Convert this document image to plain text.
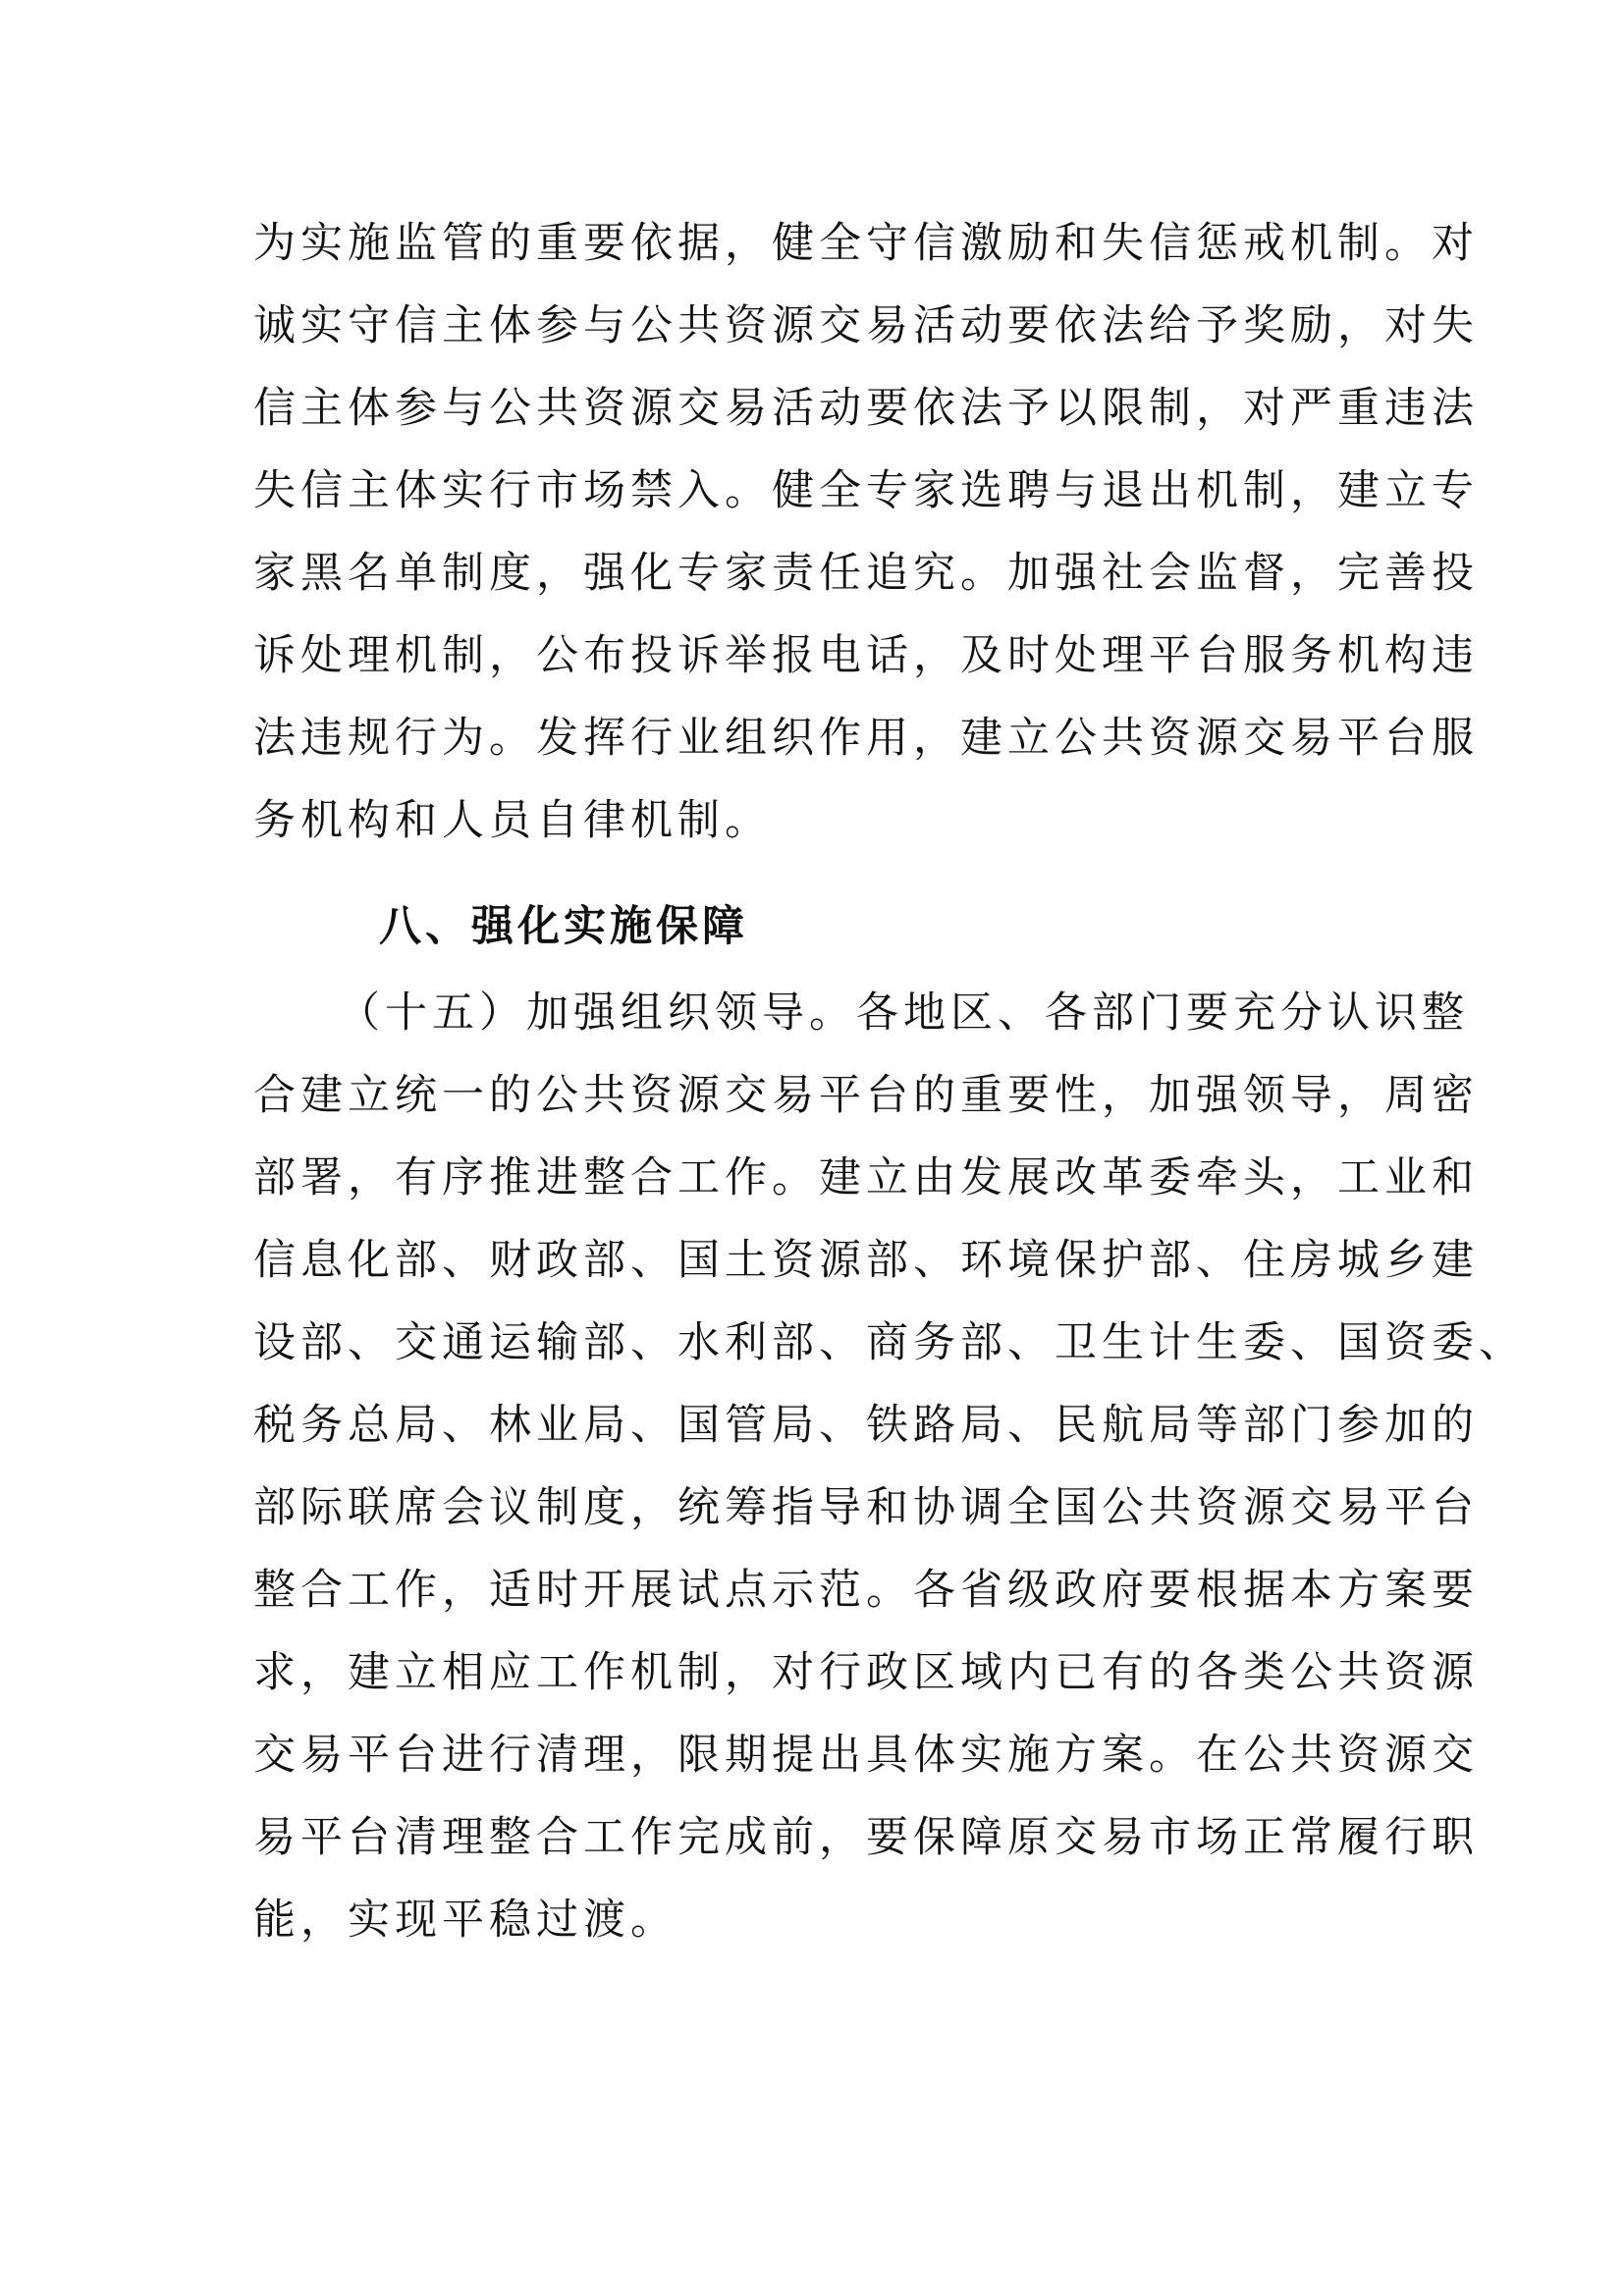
为实施监管的重要依据，健全守信激励和失信惩戒机制。对
诚实守信主体参与公共资源交易活动要依法给予奖励，对失
信主体参与公共资源交易活动要依法予以限制，对严重违法
失信主体实行市场禁入。健全专家选聘与退出机制，建立专
家黑名单制度，强化专家责任追究。加强社会监督，完善投
诉处理机制，公布投诉举报电话，及时处理平台服务机构违
法违规行为。发挥行业组织作用，建立公共资源交易平台服
务机构和人员自律机制。
八、强化实施保障
（十五）加强组织领导。各地区、各部门要充分认识整
合建立统一的公共资源交易平台的重要性，加强领导，周密
部署，有序推进整合工作。建立由发展改革委牵头，工业和
信息化部、财政部、国土资源部、环境保护部、住房城乡建
设部、交通运输部、水利部、商务部、卫生计生委、国资委、
税务总局、林业局、国管局、铁路局、民航局等部门参加的
部际联席会议制度，统筹指导和协调全国公共资源交易平台
整合工作，适时开展试点示范。各省级政府要根据本方案要
求，建立相应工作机制，对行政区域内已有的各类公共资源
交易平台进行清理，限期提出具体实施方案。在公共资源交
易平台清理整合工作完成前，要保障原交易市场正常履行职
能，实现平稳过渡。
